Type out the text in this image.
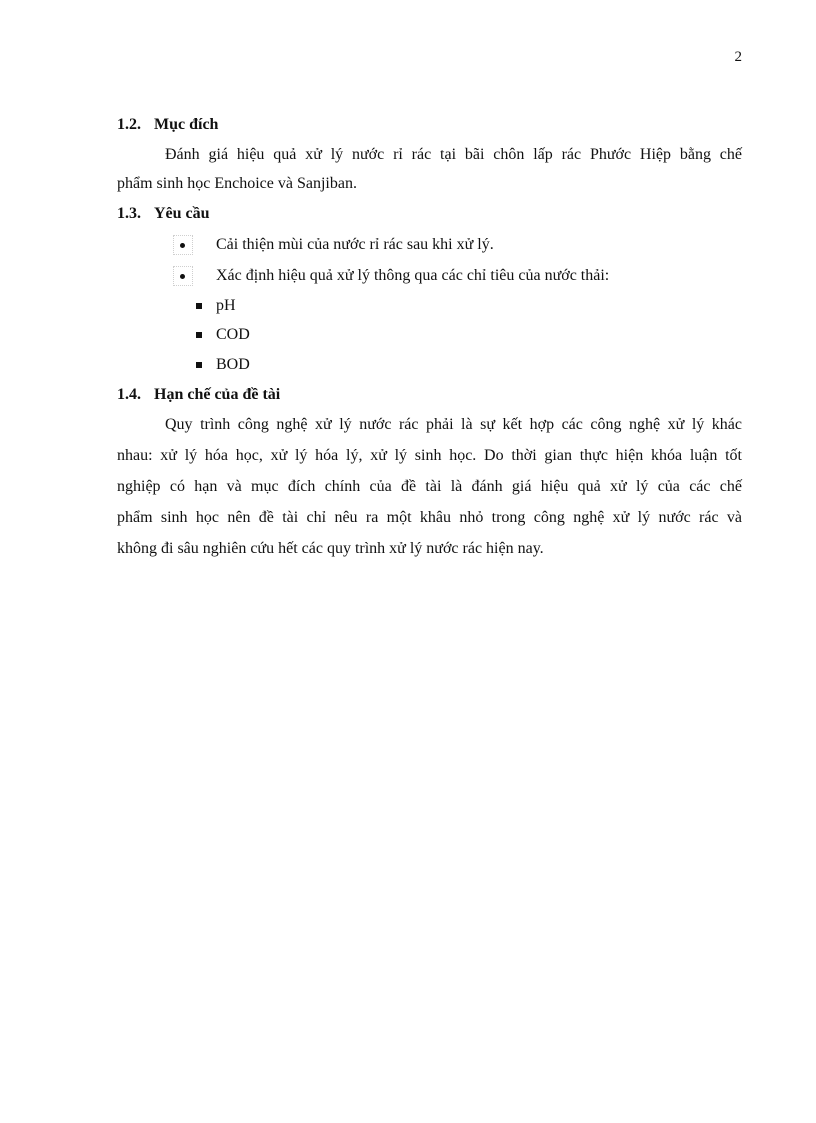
2
1.2. Mục đích
Đánh giá hiệu quả xử lý nước rỉ rác tại bãi chôn lấp rác Phước Hiệp bằng chế
phẩm sinh học Enchoice và Sanjiban.
1.3. Yêu cầu
Cải thiện mùi của nước rỉ rác sau khi xử lý.
Xác định hiệu quả xử lý thông qua các chỉ tiêu của nước thải:
pH
COD
BOD
1.4. Hạn chế của đề tài
Quy trình công nghệ xử lý nước rác phải là sự kết hợp các công nghệ xử lý khác
nhau: xử lý hóa học, xử lý hóa lý, xử lý sinh học. Do thời gian thực hiện khóa luận tốt
nghiệp có hạn và mục đích chính của đề tài là đánh giá hiệu quả xử lý của các chế
phẩm sinh học nên đề tài chỉ nêu ra một khâu nhỏ trong công nghệ xử lý nước rác và
không đi sâu nghiên cứu hết các quy trình xử lý nước rác hiện nay.
